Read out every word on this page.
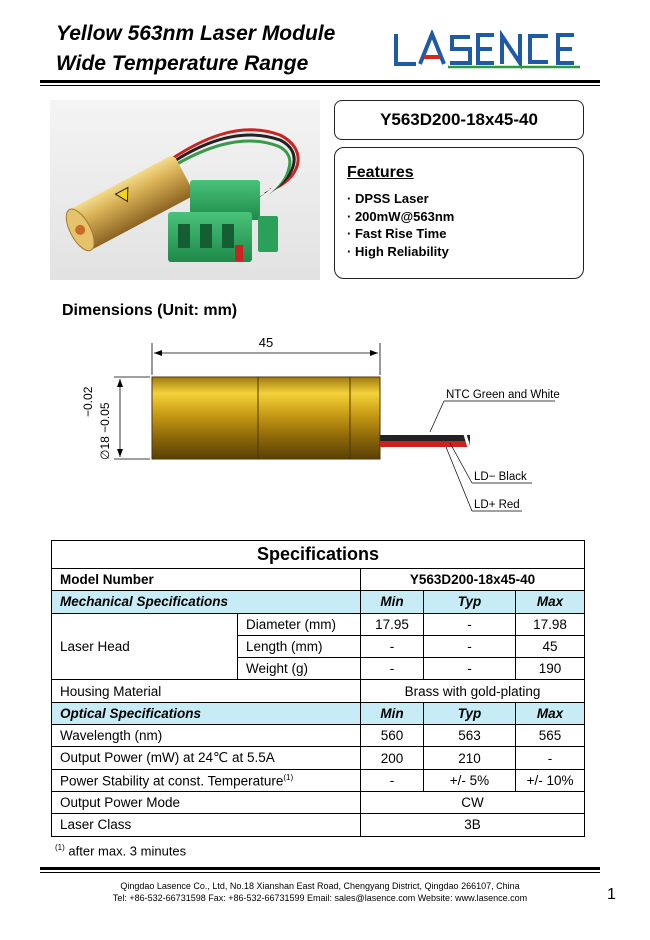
Yellow 563nm Laser Module
Wide Temperature Range
Y563D200-18x45-40
Features
· DPSS Laser
· 200mW@563nm
· Fast Rise Time
· High Reliability
Dimensions (Unit: mm)
45
∅18 −0.05
−0.02	NTC Green and White
LD− Black
LD+ Red
Specifications				
Model Number		Y563D200-18x45-40		
Mechanical Specifications		Min	Typ	Max
Laser Head	Diameter (mm)	17.95	-	17.98
	Length (mm)	-	-	45
	Weight (g)	-	-	190
Housing Material		Brass with gold-plating		
Optical Specifications		Min	Typ	Max
Wavelength (nm)		560	563	565
Output Power (mW) at 24℃ at 5.5A		200	210	-
Power Stability at const. Temperature$^{(1)}$		-	+/- 5%	+/- 10%
Output Power Mode		CW		
Laser Class		3B		
$^{(1)}$ after max. 3 minutes
Qingdao Lasence Co., Ltd, No.18 Xianshan East Road, Chengyang District, Qingdao 266107, China
Tel: +86-532-66731598 Fax: +86-532-66731599 Email: sales@lasence.com Website: www.lasence.com	1
